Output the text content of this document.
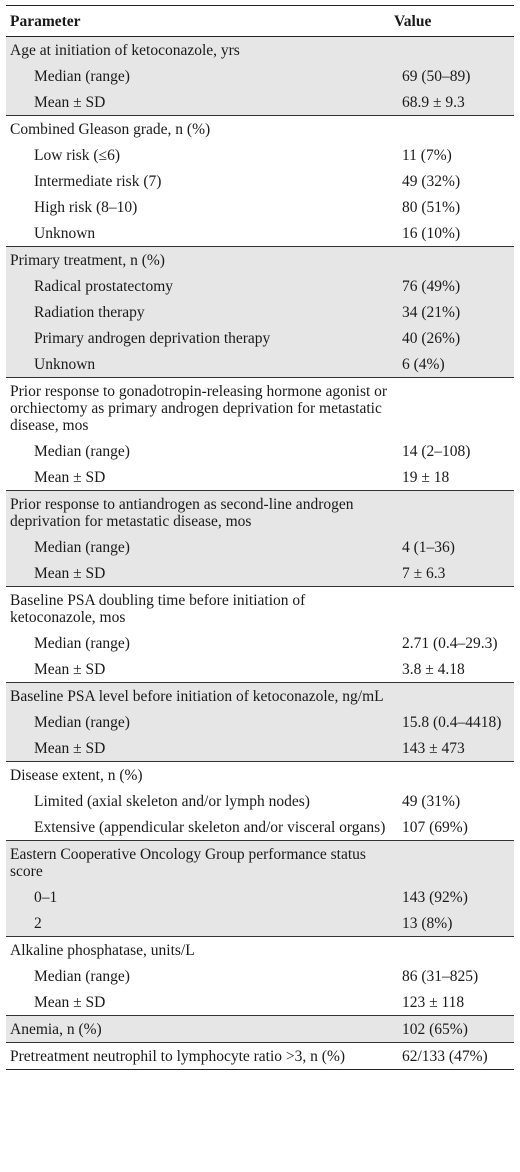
Parameter	Value
Age at initiation of ketoconazole, yrs	
Median (range)	69 (50–89)
Mean ± SD	68.9 ± 9.3
Combined Gleason grade, n (%)	
Low risk (≤6)	11 (7%)
Intermediate risk (7)	49 (32%)
High risk (8–10)	80 (51%)
Unknown	16 (10%)
Primary treatment, n (%)	
Radical prostatectomy	76 (49%)
Radiation therapy	34 (21%)
Primary androgen deprivation therapy	40 (26%)
Unknown	6 (4%)
Prior response to gonadotropin-releasing hormone agonist or orchiectomy as primary androgen deprivation for metastatic disease, mos	
Median (range)	14 (2–108)
Mean ± SD	19 ± 18
Prior response to antiandrogen as second-line androgen deprivation for metastatic disease, mos	
Median (range)	4 (1–36)
Mean ± SD	7 ± 6.3
Baseline PSA doubling time before initiation of ketoconazole, mos	
Median (range)	2.71 (0.4–29.3)
Mean ± SD	3.8 ± 4.18
Baseline PSA level before initiation of ketoconazole, ng/mL	
Median (range)	15.8 (0.4–4418)
Mean ± SD	143 ± 473
Disease extent, n (%)	
Limited (axial skeleton and/or lymph nodes)	49 (31%)
Extensive (appendicular skeleton and/or visceral organs)	107 (69%)
Eastern Cooperative Oncology Group performance status score	
0–1	143 (92%)
2	13 (8%)
Alkaline phosphatase, units/L	
Median (range)	86 (31–825)
Mean ± SD	123 ± 118
Anemia, n (%)	102 (65%)
Pretreatment neutrophil to lymphocyte ratio >3, n (%)	62/133 (47%)
